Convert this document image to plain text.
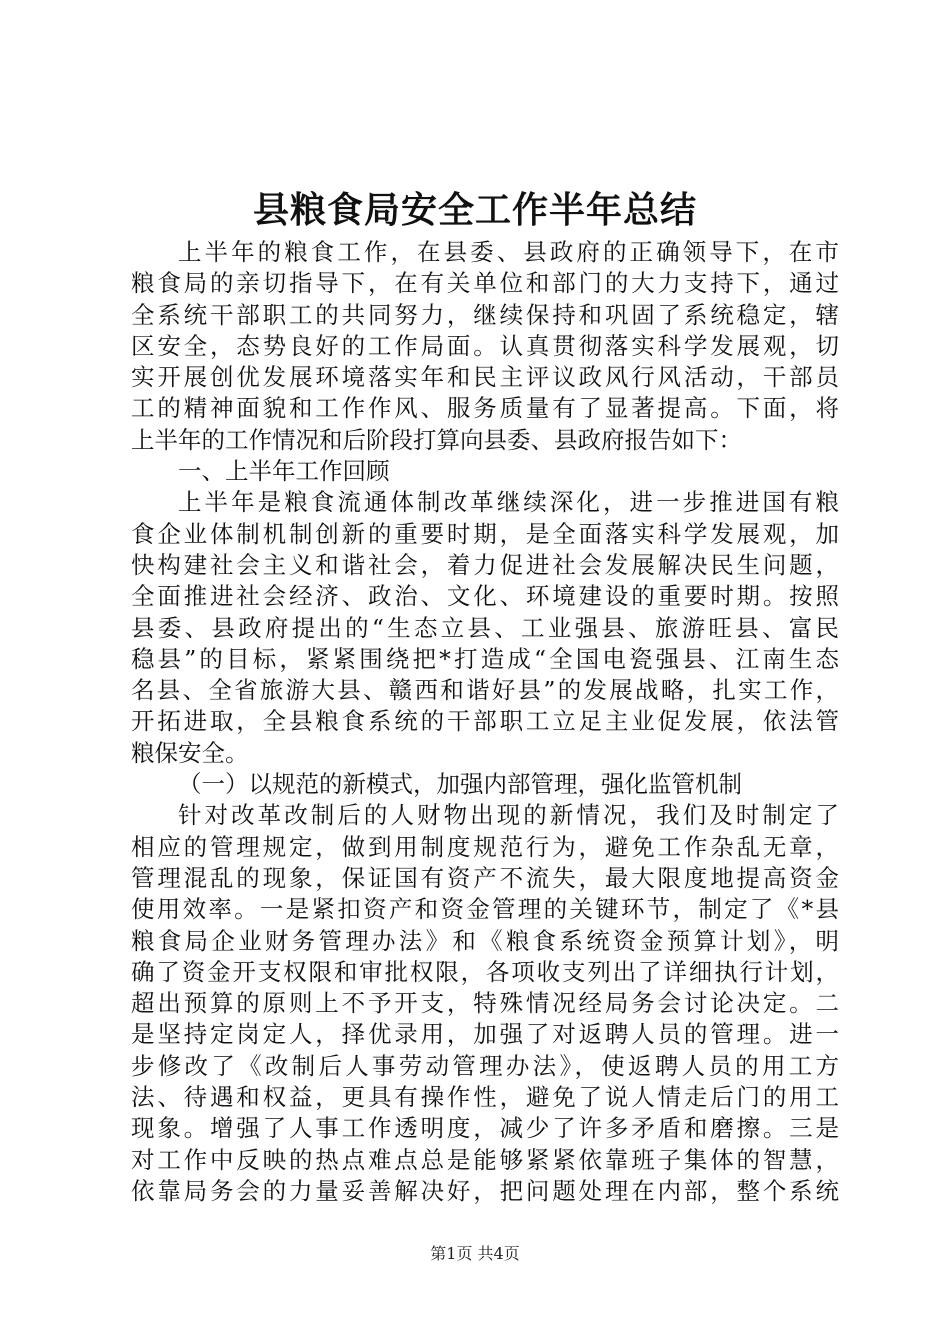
县粮食局安全工作半年总结
上半年的粮食工作，在县委、县政府的正确领导下，在市
粮食局的亲切指导下，在有关单位和部门的大力支持下，通过
全系统干部职工的共同努力，继续保持和巩固了系统稳定，辖
区安全，态势良好的工作局面。认真贯彻落实科学发展观，切
实开展创优发展环境落实年和民主评议政风行风活动，干部员
工的精神面貌和工作作风、服务质量有了显著提高。下面，将
上半年的工作情况和后阶段打算向县委、县政府报告如下：
一、上半年工作回顾
上半年是粮食流通体制改革继续深化，进一步推进国有粮
食企业体制机制创新的重要时期，是全面落实科学发展观，加
快构建社会主义和谐社会，着力促进社会发展解决民生问题，
全面推进社会经济、政治、文化、环境建设的重要时期。按照
县委、县政府提出的“生态立县、工业强县、旅游旺县、富民
稳县”的目标，紧紧围绕把*打造成“全国电瓷强县、江南生态
名县、全省旅游大县、赣西和谐好县”的发展战略，扎实工作，
开拓进取，全县粮食系统的干部职工立足主业促发展，依法管
粮保安全。
（一）以规范的新模式，加强内部管理，强化监管机制
针对改革改制后的人财物出现的新情况，我们及时制定了
相应的管理规定，做到用制度规范行为，避免工作杂乱无章，
管理混乱的现象，保证国有资产不流失，最大限度地提高资金
使用效率。一是紧扣资产和资金管理的关键环节，制定了《*县
粮食局企业财务管理办法》和《粮食系统资金预算计划》，明
确了资金开支权限和审批权限，各项收支列出了详细执行计划，
超出预算的原则上不予开支，特殊情况经局务会讨论决定。二
是坚持定岗定人，择优录用，加强了对返聘人员的管理。进一
步修改了《改制后人事劳动管理办法》，使返聘人员的用工方
法、待遇和权益，更具有操作性，避免了说人情走后门的用工
现象。增强了人事工作透明度，减少了许多矛盾和磨擦。三是
对工作中反映的热点难点总是能够紧紧依靠班子集体的智慧，
依靠局务会的力量妥善解决好，把问题处理在内部，整个系统
第1页 共4页
